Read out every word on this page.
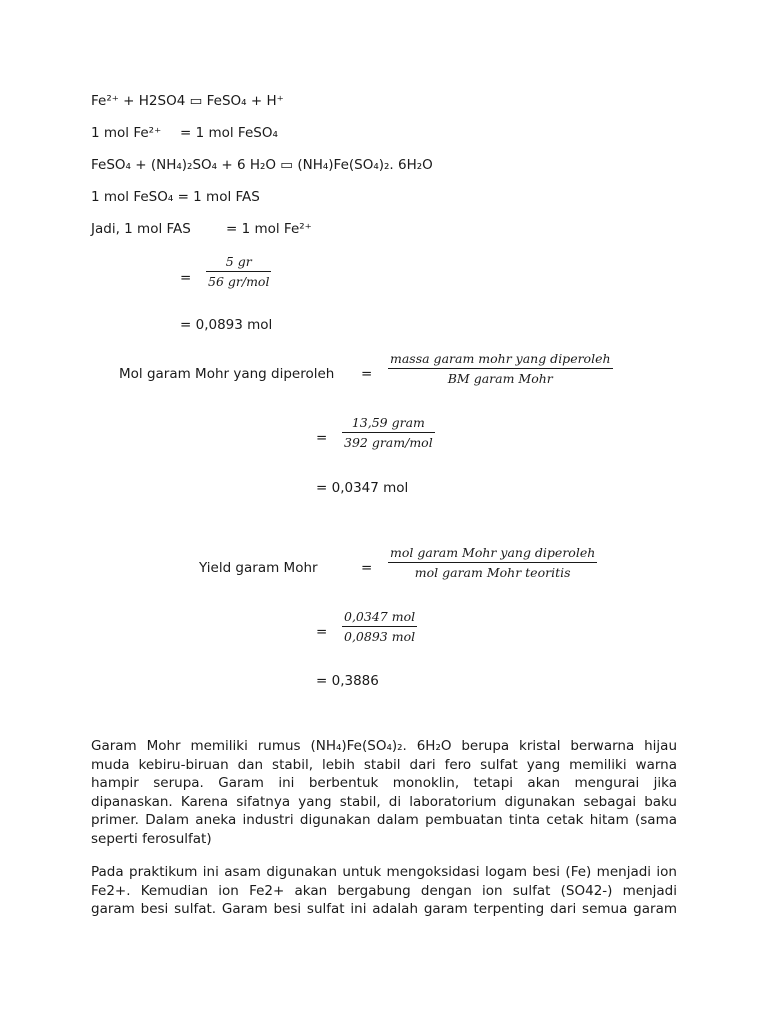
Fe²⁺ + H2SO4 ▭ FeSO₄ + H⁺
1 mol Fe²⁺ = 1 mol FeSO₄
FeSO₄ + (NH₄)₂SO₄ + 6 H₂O ▭ (NH₄)Fe(SO₄)₂. 6H₂O
1 mol FeSO₄ = 1 mol FAS
Jadi, 1 mol FAS	= 1 mol Fe²⁺
=
5 gr
56 gr/mol
= 0,0893 mol
Mol garam Mohr yang diperoleh =
massa garam mohr yang diperoleh
BM garam Mohr
=
13,59 gram
392 gram/mol
= 0,0347 mol
Yield garam Mohr	=
mol garam Mohr yang diperoleh
mol garam Mohr teoritis
=
0,0347 mol
0,0893 mol
= 0,3886
Garam Mohr memiliki rumus (NH₄)Fe(SO₄)₂. 6H₂O berupa kristal berwarna hijau
muda kebiru-biruan dan stabil, lebih stabil dari fero sulfat yang memiliki warna
hampir serupa. Garam ini berbentuk monoklin, tetapi akan mengurai jika
dipanaskan. Karena sifatnya yang stabil, di laboratorium digunakan sebagai baku
primer. Dalam aneka industri digunakan dalam pembuatan tinta cetak hitam (sama
seperti ferosulfat)
Pada praktikum ini asam digunakan untuk mengoksidasi logam besi (Fe) menjadi ion
Fe2+. Kemudian ion Fe2+ akan bergabung dengan ion sulfat (SO42-) menjadi
garam besi sulfat. Garam besi sulfat ini adalah garam terpenting dari semua garam
